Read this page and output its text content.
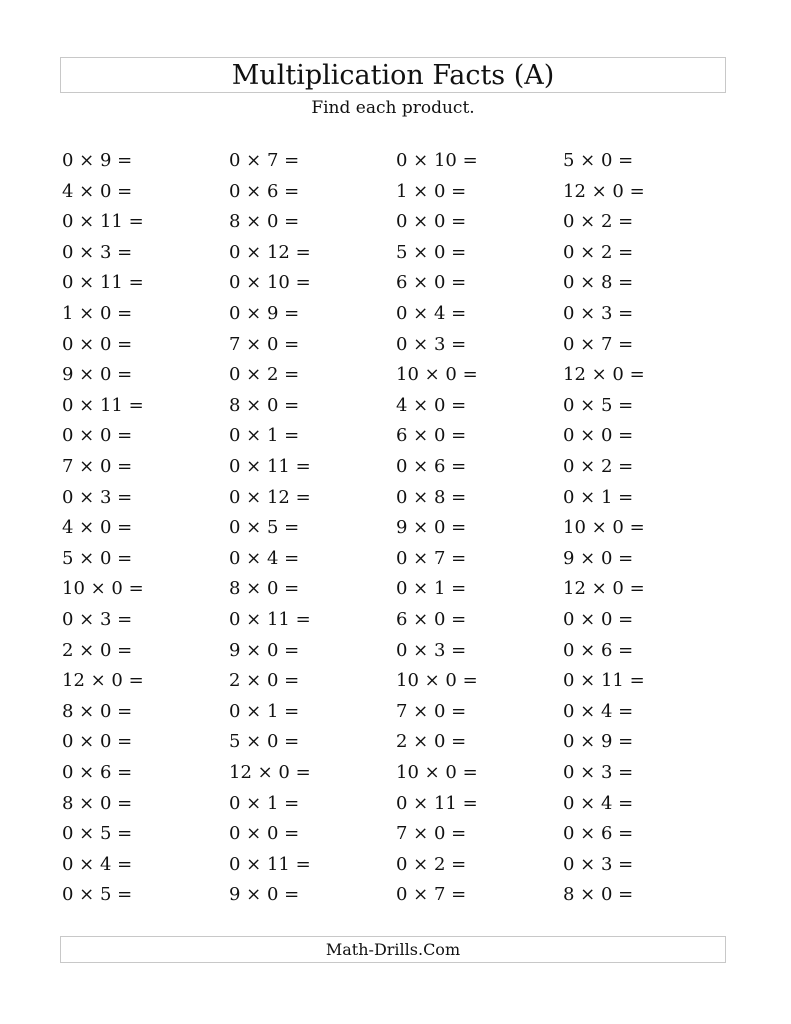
Multiplication Facts (A)
Find each product.
0 × 9 =	0 × 7 =	0 × 10 =	5 × 0 =
4 × 0 =	0 × 6 =	1 × 0 =	12 × 0 =
0 × 11 =	8 × 0 =	0 × 0 =	0 × 2 =
0 × 3 =	0 × 12 =	5 × 0 =	0 × 2 =
0 × 11 =	0 × 10 =	6 × 0 =	0 × 8 =
1 × 0 =	0 × 9 =	0 × 4 =	0 × 3 =
0 × 0 =	7 × 0 =	0 × 3 =	0 × 7 =
9 × 0 =	0 × 2 =	10 × 0 =	12 × 0 =
0 × 11 =	8 × 0 =	4 × 0 =	0 × 5 =
0 × 0 =	0 × 1 =	6 × 0 =	0 × 0 =
7 × 0 =	0 × 11 =	0 × 6 =	0 × 2 =
0 × 3 =	0 × 12 =	0 × 8 =	0 × 1 =
4 × 0 =	0 × 5 =	9 × 0 =	10 × 0 =
5 × 0 =	0 × 4 =	0 × 7 =	9 × 0 =
10 × 0 =	8 × 0 =	0 × 1 =	12 × 0 =
0 × 3 =	0 × 11 =	6 × 0 =	0 × 0 =
2 × 0 =	9 × 0 =	0 × 3 =	0 × 6 =
12 × 0 =	2 × 0 =	10 × 0 =	0 × 11 =
8 × 0 =	0 × 1 =	7 × 0 =	0 × 4 =
0 × 0 =	5 × 0 =	2 × 0 =	0 × 9 =
0 × 6 =	12 × 0 =	10 × 0 =	0 × 3 =
8 × 0 =	0 × 1 =	0 × 11 =	0 × 4 =
0 × 5 =	0 × 0 =	7 × 0 =	0 × 6 =
0 × 4 =	0 × 11 =	0 × 2 =	0 × 3 =
0 × 5 =	9 × 0 =	0 × 7 =	8 × 0 =
Math-Drills.Com
